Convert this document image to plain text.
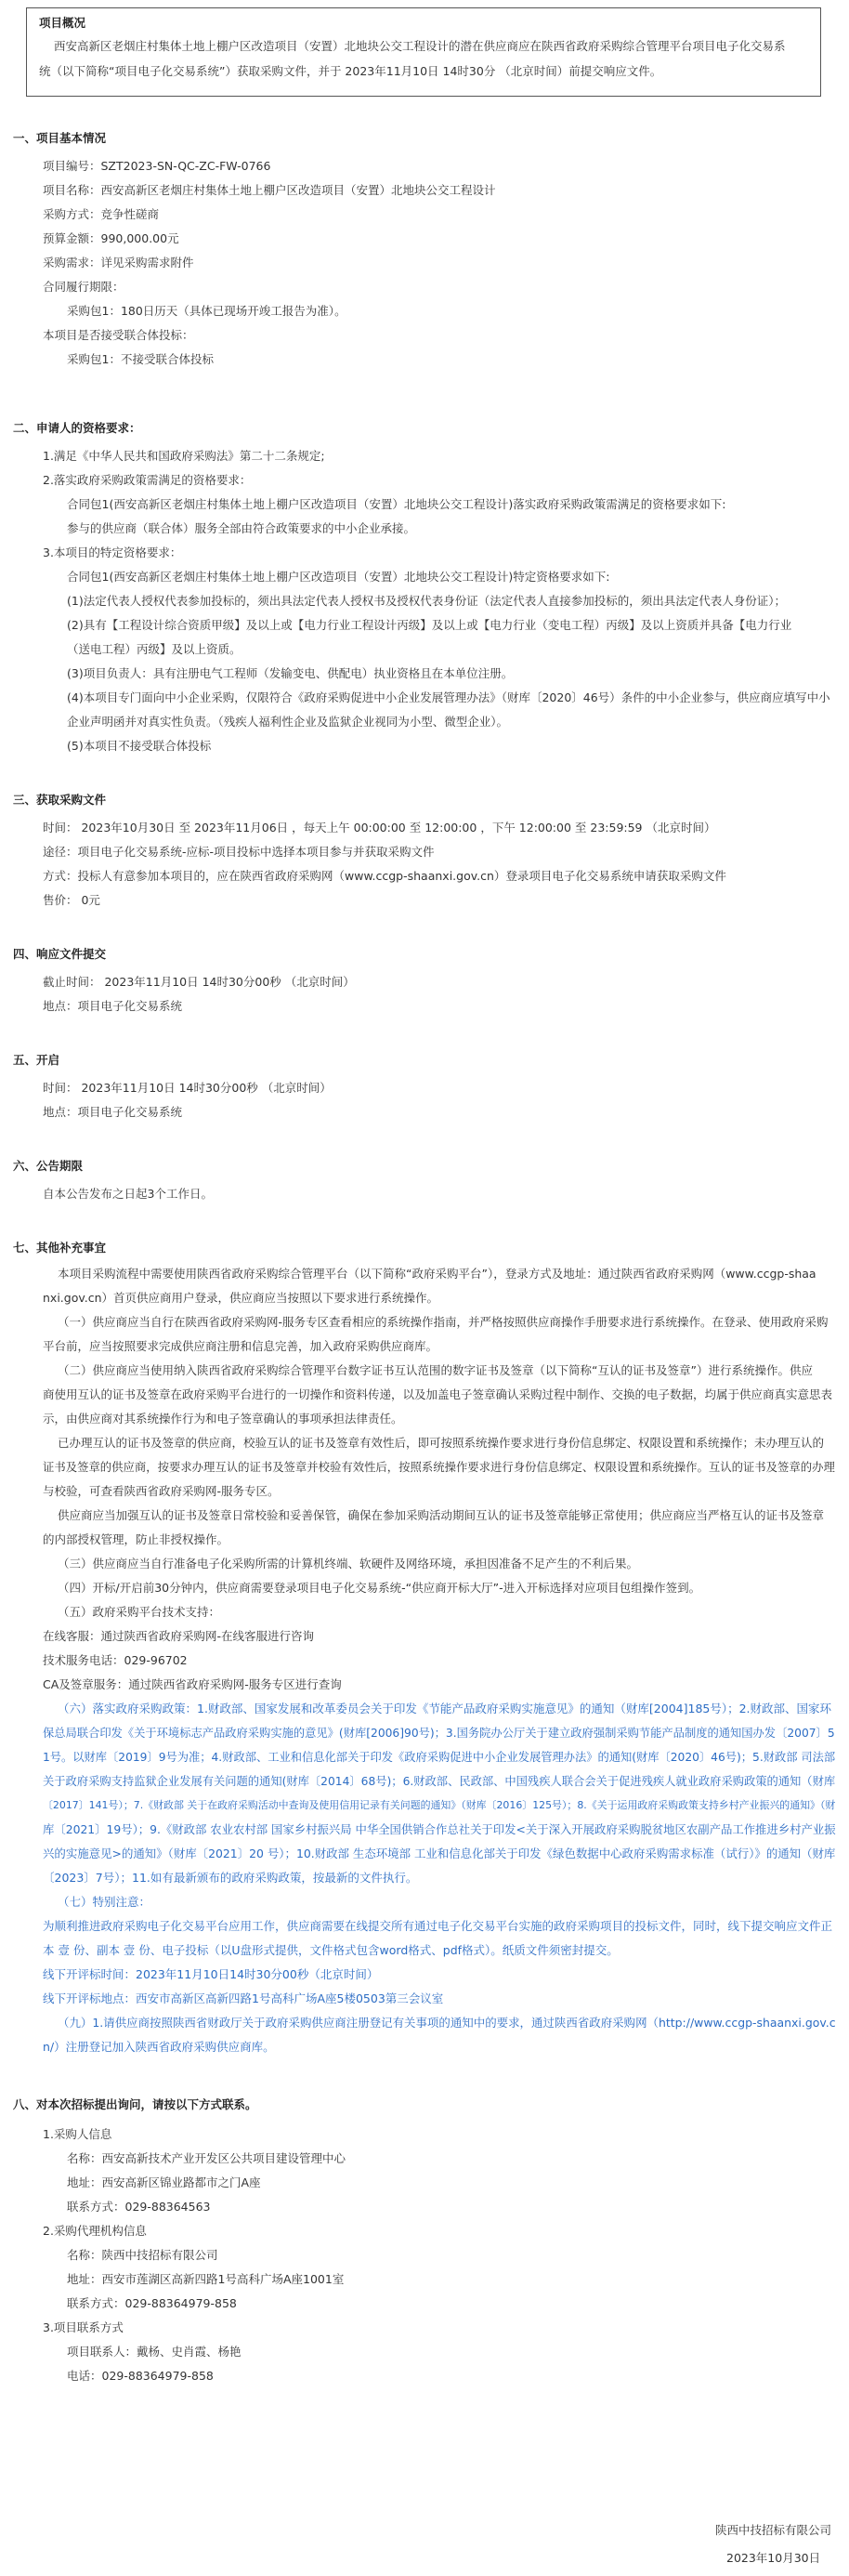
项目概况
西安高新区老烟庄村集体土地上棚户区改造项目（安置）北地块公交工程设计的潜在供应商应在陕西省政府采购综合管理平台项目电子化交易系
统（以下简称“项目电子化交易系统”）获取采购文件，并于 2023年11月10日 14时30分 （北京时间）前提交响应文件。
一、项目基本情况
项目编号：SZT2023-SN-QC-ZC-FW-0766
项目名称：西安高新区老烟庄村集体土地上棚户区改造项目（安置）北地块公交工程设计
采购方式：竞争性磋商
预算金额：990,000.00元
采购需求：详见采购需求附件
合同履行期限：
采购包1：180日历天（具体已现场开竣工报告为准）。
本项目是否接受联合体投标：
采购包1：不接受联合体投标
二、申请人的资格要求：
1.满足《中华人民共和国政府采购法》第二十二条规定;
2.落实政府采购政策需满足的资格要求：
合同包1(西安高新区老烟庄村集体土地上棚户区改造项目（安置）北地块公交工程设计)落实政府采购政策需满足的资格要求如下:
参与的供应商（联合体）服务全部由符合政策要求的中小企业承接。
3.本项目的特定资格要求：
合同包1(西安高新区老烟庄村集体土地上棚户区改造项目（安置）北地块公交工程设计)特定资格要求如下:
(1)法定代表人授权代表参加投标的，须出具法定代表人授权书及授权代表身份证（法定代表人直接参加投标的，须出具法定代表人身份证）；
(2)具有【工程设计综合资质甲级】及以上或【电力行业工程设计丙级】及以上或【电力行业（变电工程）丙级】及以上资质并具备【电力行业
（送电工程）丙级】及以上资质。
(3)项目负责人：具有注册电气工程师（发输变电、供配电）执业资格且在本单位注册。
(4)本项目专门面向中小企业采购，仅限符合《政府采购促进中小企业发展管理办法》（财库〔2020〕46号）条件的中小企业参与，供应商应填写中小
企业声明函并对真实性负责。（残疾人福利性企业及监狱企业视同为小型、微型企业）。
(5)本项目不接受联合体投标
三、获取采购文件
时间： 2023年10月30日 至 2023年11月06日 ，每天上午 00:00:00 至 12:00:00 ，下午 12:00:00 至 23:59:59 （北京时间）
途径：项目电子化交易系统-应标-项目投标中选择本项目参与并获取采购文件
方式：投标人有意参加本项目的，应在陕西省政府采购网（www.ccgp-shaanxi.gov.cn）登录项目电子化交易系统申请获取采购文件
售价： 0元
四、响应文件提交
截止时间： 2023年11月10日 14时30分00秒 （北京时间）
地点：项目电子化交易系统
五、开启
时间： 2023年11月10日 14时30分00秒 （北京时间）
地点：项目电子化交易系统
六、公告期限
自本公告发布之日起3个工作日。
七、其他补充事宜
本项目采购流程中需要使用陕西省政府采购综合管理平台（以下简称“政府采购平台”），登录方式及地址：通过陕西省政府采购网（www.ccgp-shaa
nxi.gov.cn）首页供应商用户登录，供应商应当按照以下要求进行系统操作。
（一）供应商应当自行在陕西省政府采购网-服务专区查看相应的系统操作指南，并严格按照供应商操作手册要求进行系统操作。在登录、使用政府采购
平台前，应当按照要求完成供应商注册和信息完善，加入政府采购供应商库。
（二）供应商应当使用纳入陕西省政府采购综合管理平台数字证书互认范围的数字证书及签章（以下简称“互认的证书及签章”）进行系统操作。供应
商使用互认的证书及签章在政府采购平台进行的一切操作和资料传递，以及加盖电子签章确认采购过程中制作、交换的电子数据，均属于供应商真实意思表
示，由供应商对其系统操作行为和电子签章确认的事项承担法律责任。
已办理互认的证书及签章的供应商，校验互认的证书及签章有效性后，即可按照系统操作要求进行身份信息绑定、权限设置和系统操作；未办理互认的
证书及签章的供应商，按要求办理互认的证书及签章并校验有效性后，按照系统操作要求进行身份信息绑定、权限设置和系统操作。互认的证书及签章的办理
与校验，可查看陕西省政府采购网-服务专区。
供应商应当加强互认的证书及签章日常校验和妥善保管，确保在参加采购活动期间互认的证书及签章能够正常使用；供应商应当严格互认的证书及签章
的内部授权管理，防止非授权操作。
（三）供应商应当自行准备电子化采购所需的计算机终端、软硬件及网络环境，承担因准备不足产生的不利后果。
（四）开标/开启前30分钟内，供应商需要登录项目电子化交易系统-“供应商开标大厅”-进入开标选择对应项目包组操作签到。
（五）政府采购平台技术支持：
在线客服：通过陕西省政府采购网-在线客服进行咨询
技术服务电话：029-96702
CA及签章服务：通过陕西省政府采购网-服务专区进行查询
（六）落实政府采购政策：1.财政部、国家发展和改革委员会关于印发《节能产品政府采购实施意见》的通知（财库[2004]185号）；2.财政部、国家环
保总局联合印发《关于环境标志产品政府采购实施的意见》(财库[2006]90号)；3.国务院办公厅关于建立政府强制采购节能产品制度的通知国办发〔2007〕5
1号。以财库〔2019〕9号为准；4.财政部、工业和信息化部关于印发《政府采购促进中小企业发展管理办法》的通知(财库〔2020〕46号)；5.财政部 司法部
关于政府采购支持监狱企业发展有关问题的通知(财库〔2014〕68号)；6.财政部、民政部、中国残疾人联合会关于促进残疾人就业政府采购政策的通知（财库
〔2017〕141号）；7.《财政部 关于在政府采购活动中查询及使用信用记录有关问题的通知》（财库〔2016〕125号）；8.《关于运用政府采购政策支持乡村产业振兴的通知》（财
库〔2021〕19号）；9.《财政部 农业农村部 国家乡村振兴局 中华全国供销合作总社关于印发<关于深入开展政府采购脱贫地区农副产品工作推进乡村产业振
兴的实施意见>的通知》（财库〔2021〕20 号）；10.财政部 生态环境部 工业和信息化部关于印发《绿色数据中心政府采购需求标准（试行）》的通知（财库
〔2023〕7号）；11.如有最新颁布的政府采购政策，按最新的文件执行。
（七）特别注意：
为顺利推进政府采购电子化交易平台应用工作，供应商需要在线提交所有通过电子化交易平台实施的政府采购项目的投标文件，同时，线下提交响应文件正
本 壹 份、副本 壹 份、电子投标（以U盘形式提供，文件格式包含word格式、pdf格式）。纸质文件须密封提交。
线下开评标时间：2023年11月10日14时30分00秒（北京时间）
线下开评标地点：西安市高新区高新四路1号高科广场A座5楼0503第三会议室
（九）1.请供应商按照陕西省财政厅关于政府采购供应商注册登记有关事项的通知中的要求，通过陕西省政府采购网（http://www.ccgp-shaanxi.gov.c
n/）注册登记加入陕西省政府采购供应商库。
八、对本次招标提出询问，请按以下方式联系。
1.采购人信息
名称：西安高新技术产业开发区公共项目建设管理中心
地址：西安高新区锦业路都市之门A座
联系方式：029-88364563
2.采购代理机构信息
名称：陕西中技招标有限公司
地址：西安市莲湖区高新四路1号高科广场A座1001室
联系方式：029-88364979-858
3.项目联系方式
项目联系人：戴杨、史肖霞、杨艳
电话：029-88364979-858
陕西中技招标有限公司
2023年10月30日
